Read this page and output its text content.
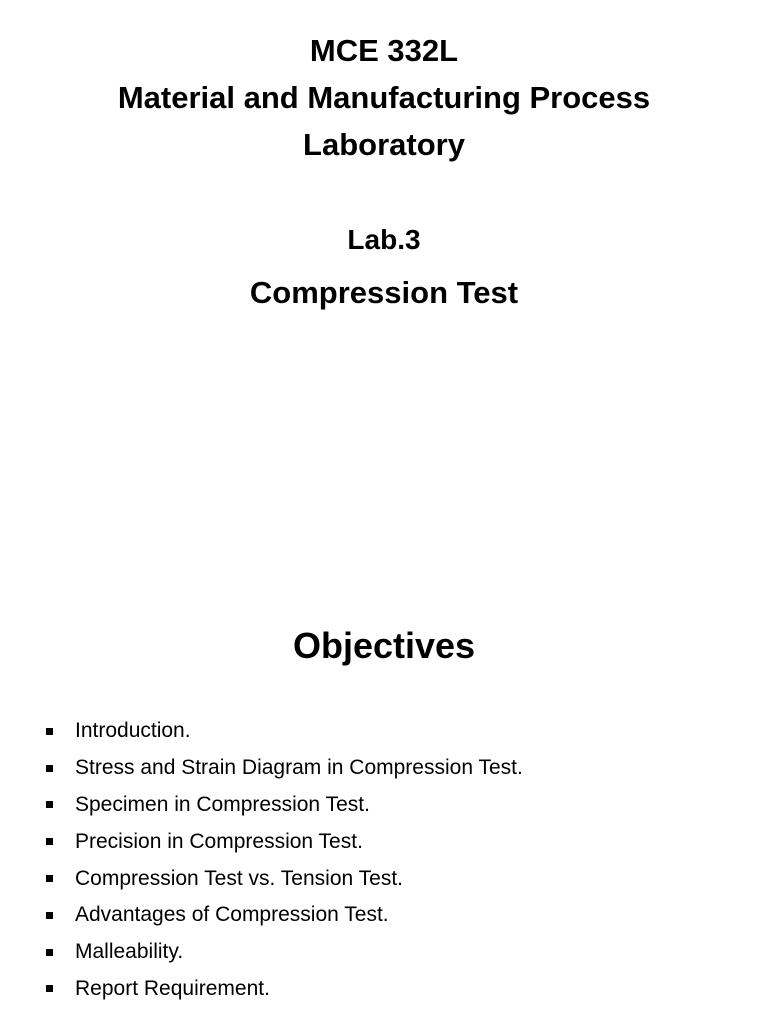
MCE 332L
Material and Manufacturing Process
Laboratory
Lab.3
Compression Test
Objectives
Introduction.
Stress and Strain Diagram in Compression Test.
Specimen in Compression Test.
Precision in Compression Test.
Compression Test vs. Tension Test.
Advantages of Compression Test.
Malleability.
Report Requirement.
